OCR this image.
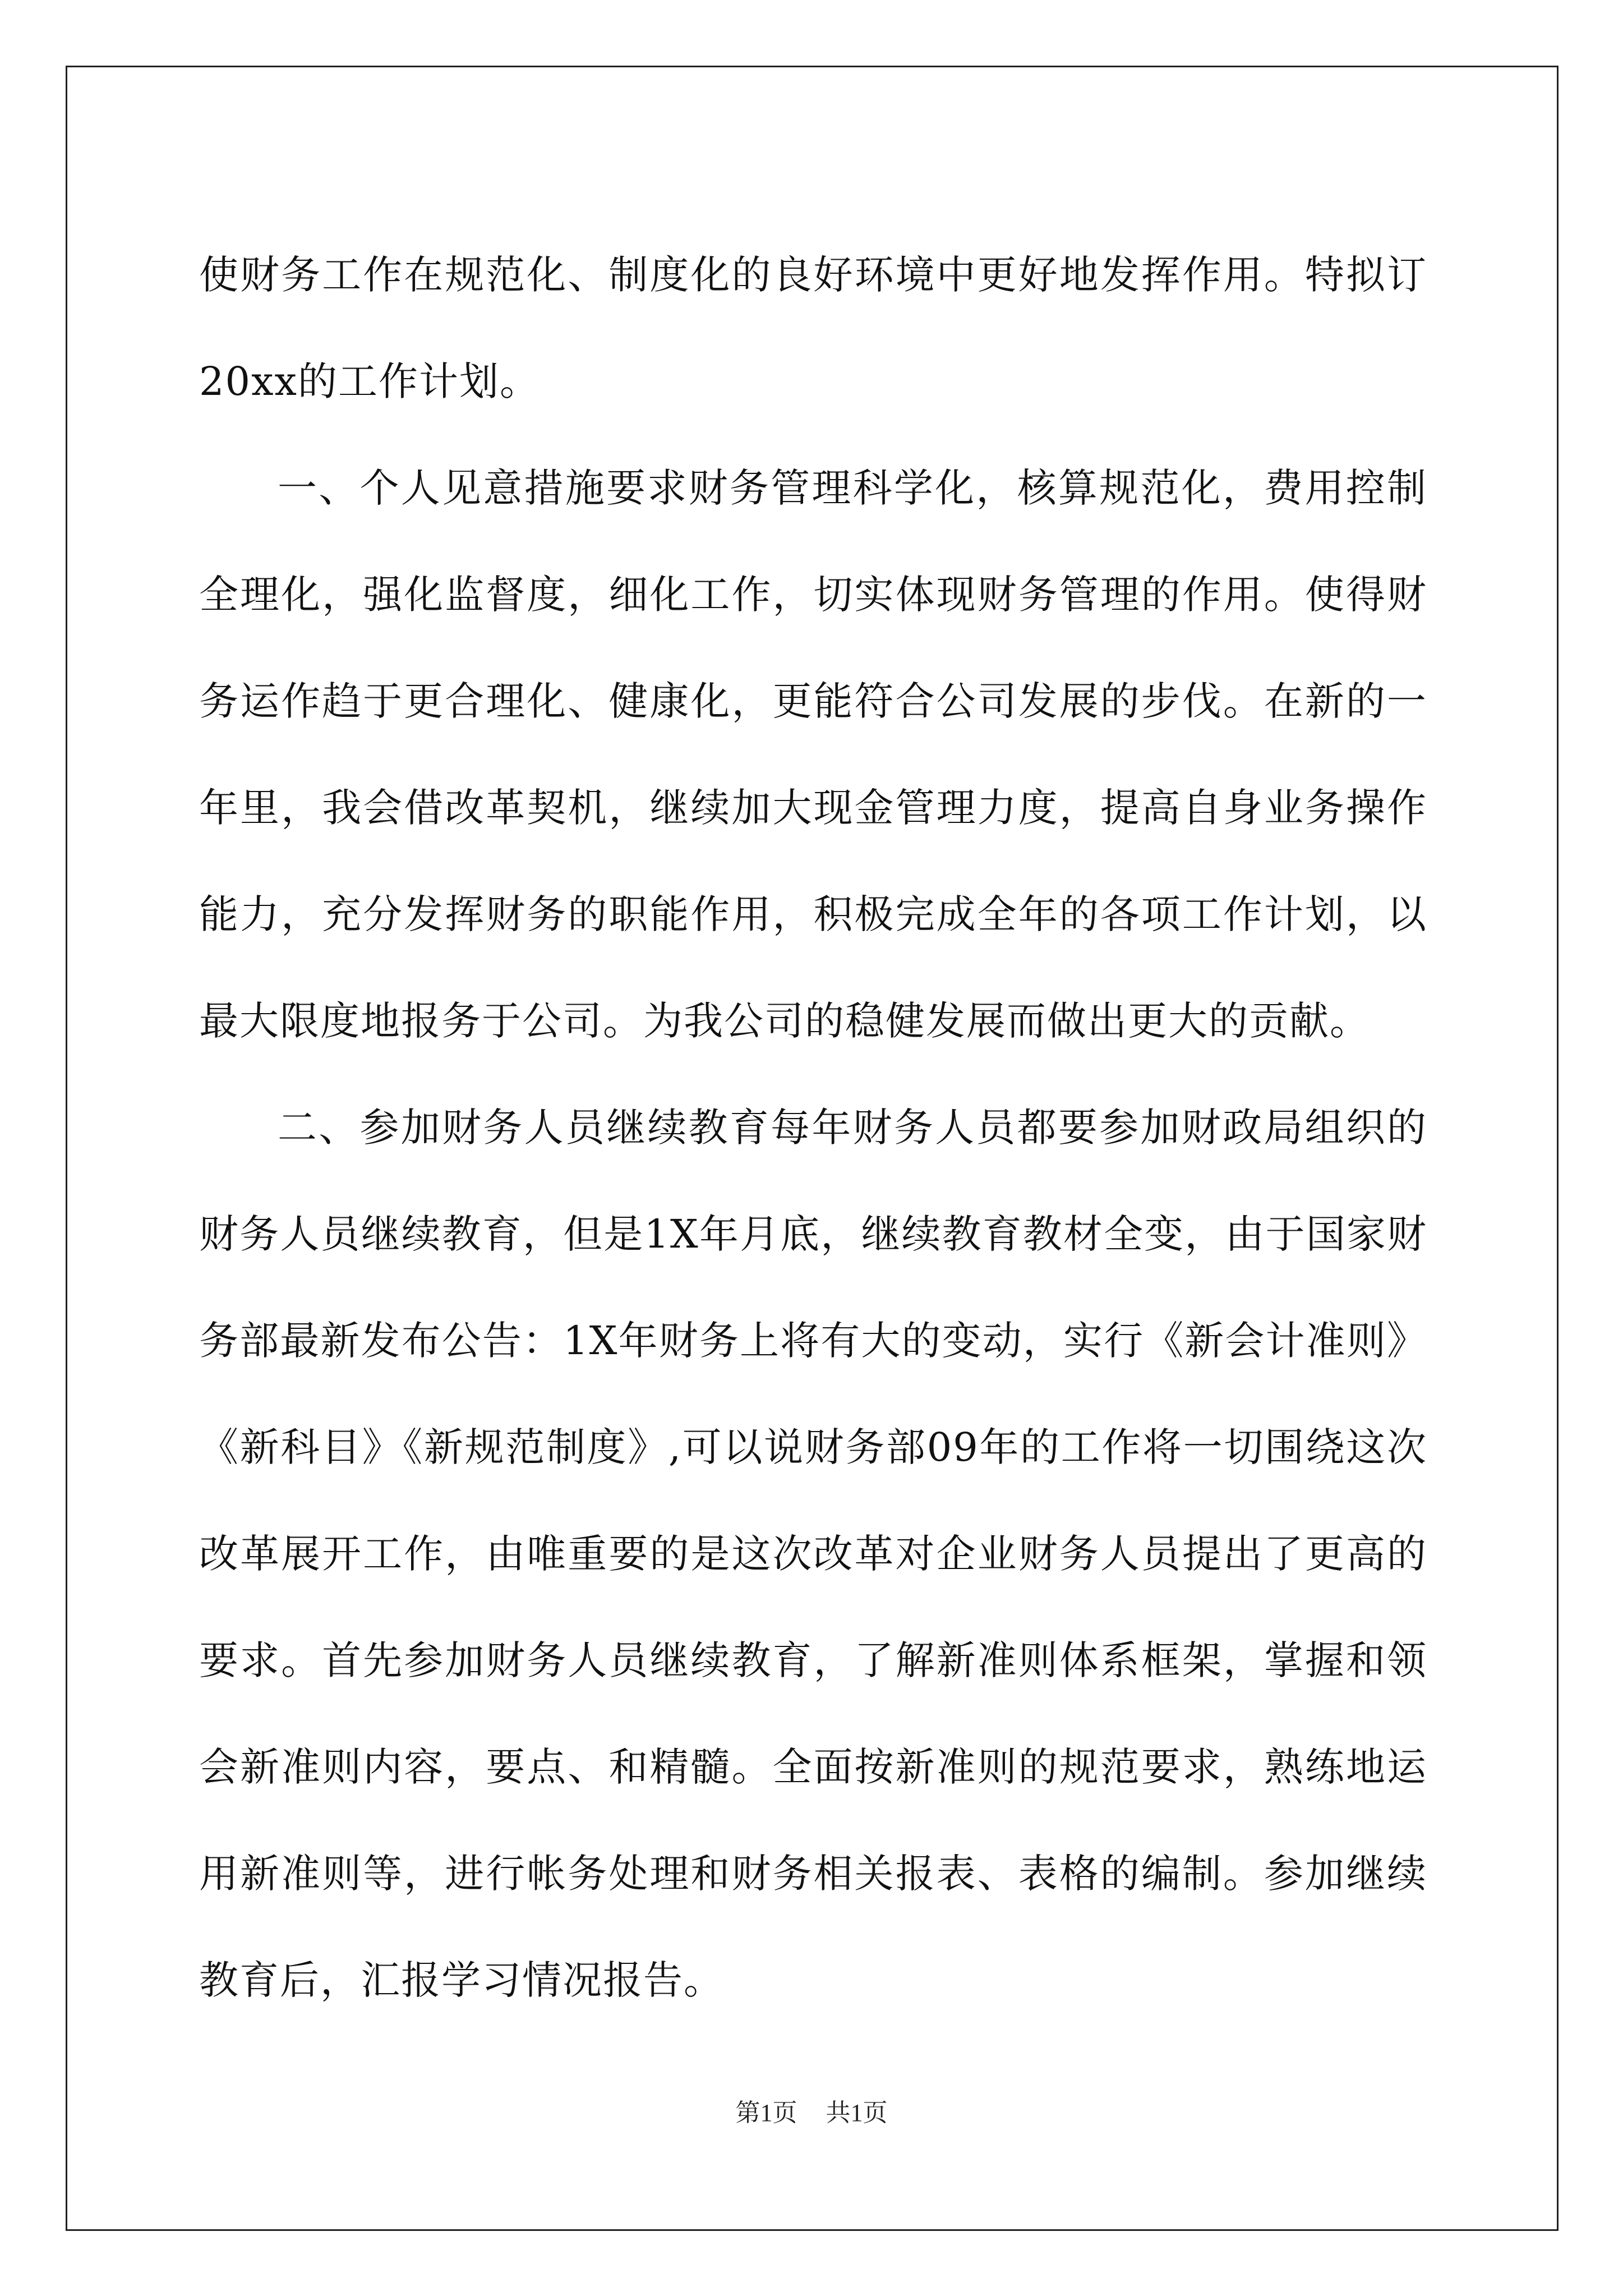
使财务工作在规范化、制度化的良好环境中更好地发挥作用。特拟订20xx的工作计划。

一、个人见意措施要求财务管理科学化，核算规范化，费用控制全理化，强化监督度，细化工作，切实体现财务管理的作用。使得财务运作趋于更合理化、健康化，更能符合公司发展的步伐。在新的一年里，我会借改革契机，继续加大现金管理力度，提高自身业务操作能力，充分发挥财务的职能作用，积极完成全年的各项工作计划，以最大限度地报务于公司。为我公司的稳健发展而做出更大的贡献。

二、参加财务人员继续教育每年财务人员都要参加财政局组织的财务人员继续教育，但是1X年月底，继续教育教材全变，由于国家财务部最新发布公告：1X年财务上将有大的变动，实行《新会计准则》《新科目》《新规范制度》,可以说财务部09年的工作将一切围绕这次改革展开工作，由唯重要的是这次改革对企业财务人员提出了更高的要求。首先参加财务人员继续教育，了解新准则体系框架，掌握和领会新准则内容，要点、和精髓。全面按新准则的规范要求，熟练地运用新准则等，进行帐务处理和财务相关报表、表格的编制。参加继续教育后，汇报学习情况报告。

第1页 共1页
